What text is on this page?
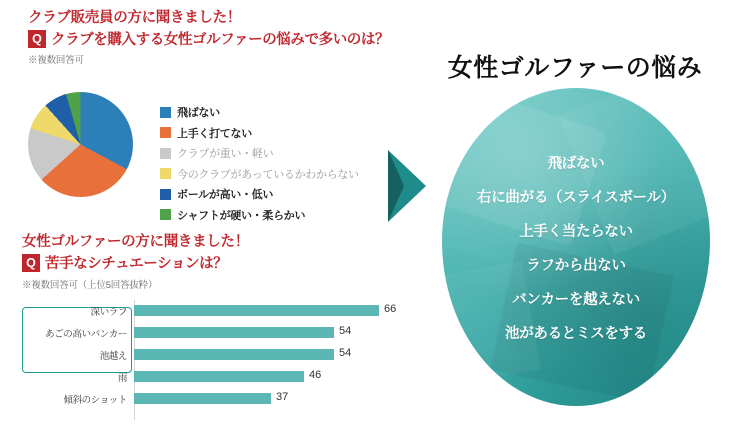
クラブ販売員の方に聞きました！
Q クラブを購入する女性ゴルファーの悩みで多いのは？
※複数回答可
飛ばない
上手く打てない
クラブが重い・軽い
今のクラブがあっているかわからない
ボールが高い・低い
シャフトが硬い・柔らかい
女性ゴルファーの方に聞きました！
Q 苦手なシチュエーションは？
※複数回答可（上位5回答抜粋）
深いラフ	66
あごの高いバンカー	54
池越え	54
雨	46
傾斜のショット	37
女性ゴルファーの悩み
飛ばない
右に曲がる（スライスボール）
上手く当たらない
ラフから出ない
バンカーを越えない
池があるとミスをする
